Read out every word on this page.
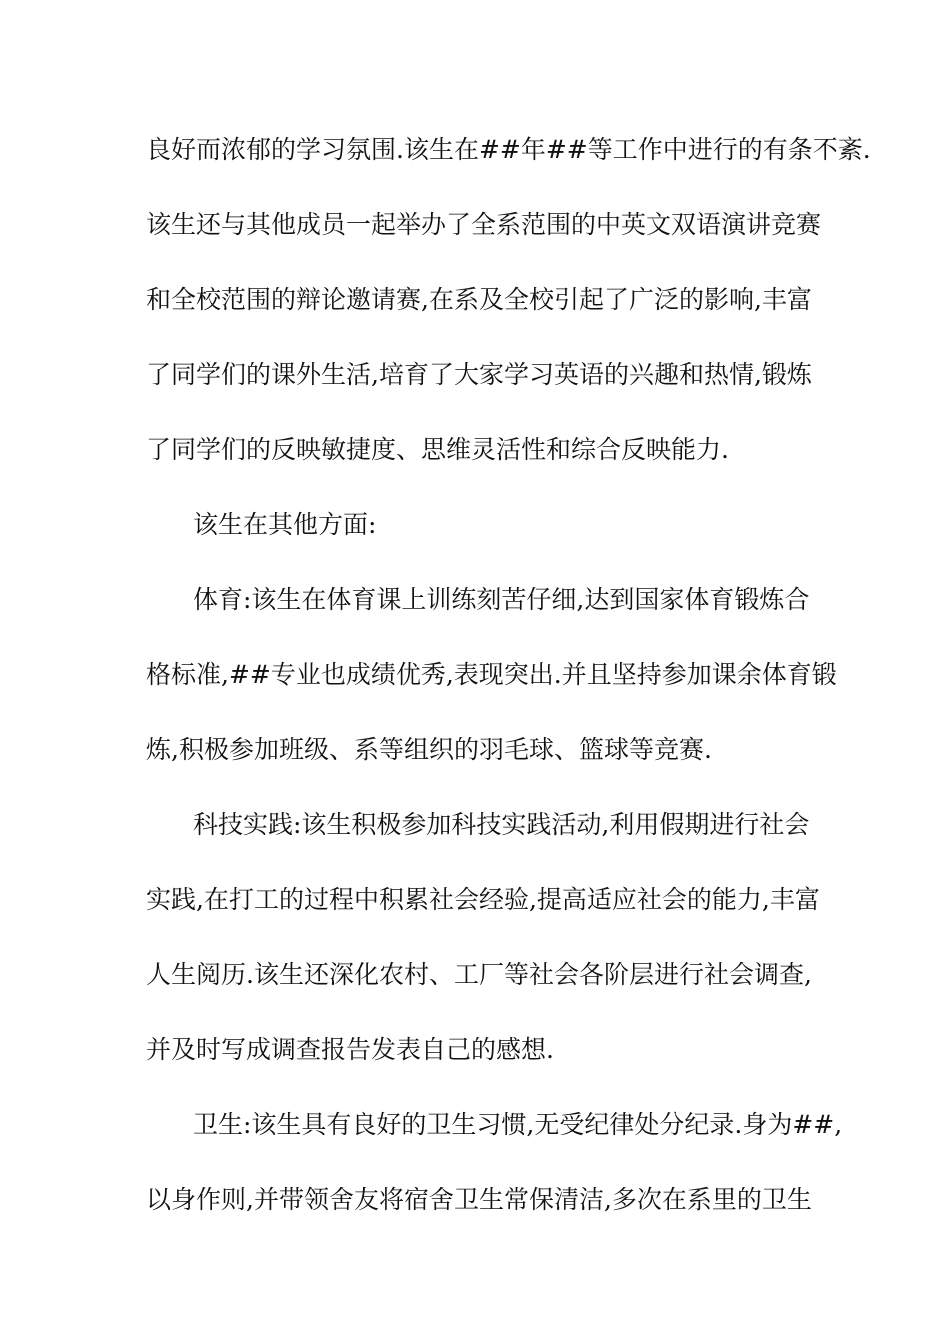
良好而浓郁的学习氛围.该生在##年##等工作中进行的有条不紊.
该生还与其他成员一起举办了全系范围的中英文双语演讲竞赛
和全校范围的辩论邀请赛,在系及全校引起了广泛的影响,丰富
了同学们的课外生活,培育了大家学习英语的兴趣和热情,锻炼
了同学们的反映敏捷度、思维灵活性和综合反映能力.
该生在其他方面:
体育:该生在体育课上训练刻苦仔细,达到国家体育锻炼合
格标准,##专业也成绩优秀,表现突出.并且坚持参加课余体育锻
炼,积极参加班级、系等组织的羽毛球、篮球等竞赛.
科技实践:该生积极参加科技实践活动,利用假期进行社会
实践,在打工的过程中积累社会经验,提高适应社会的能力,丰富
人生阅历.该生还深化农村、工厂等社会各阶层进行社会调查,
并及时写成调查报告发表自己的感想.
卫生:该生具有良好的卫生习惯,无受纪律处分纪录.身为##,
以身作则,并带领舍友将宿舍卫生常保清洁,多次在系里的卫生
